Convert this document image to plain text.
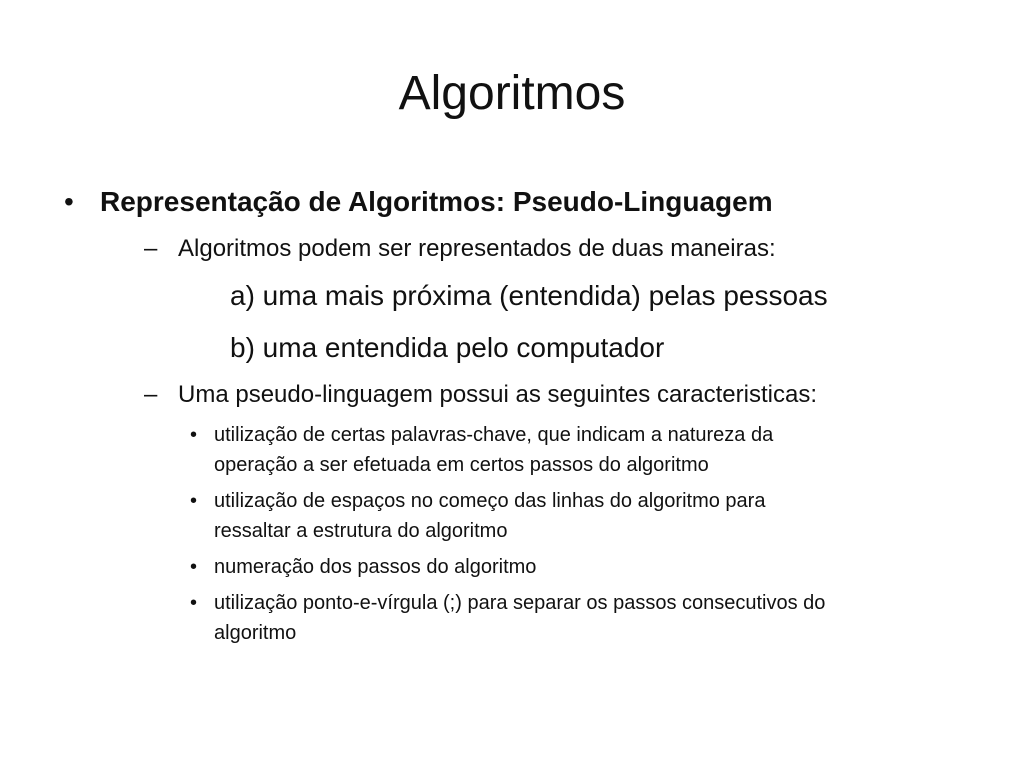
Algoritmos
• Representação de Algoritmos: Pseudo-Linguagem
– Algoritmos podem ser representados de duas maneiras:
a) uma mais próxima (entendida) pelas pessoas
b) uma entendida pelo computador
– Uma pseudo-linguagem possui as seguintes caracteristicas:
• utilização de certas palavras-chave, que indicam a natureza da operação a ser efetuada em certos passos do algoritmo
• utilização de espaços no começo das linhas do algoritmo para ressaltar a estrutura do algoritmo
• numeração dos passos do algoritmo
• utilização ponto-e-vírgula (;) para separar os passos consecutivos do algoritmo
